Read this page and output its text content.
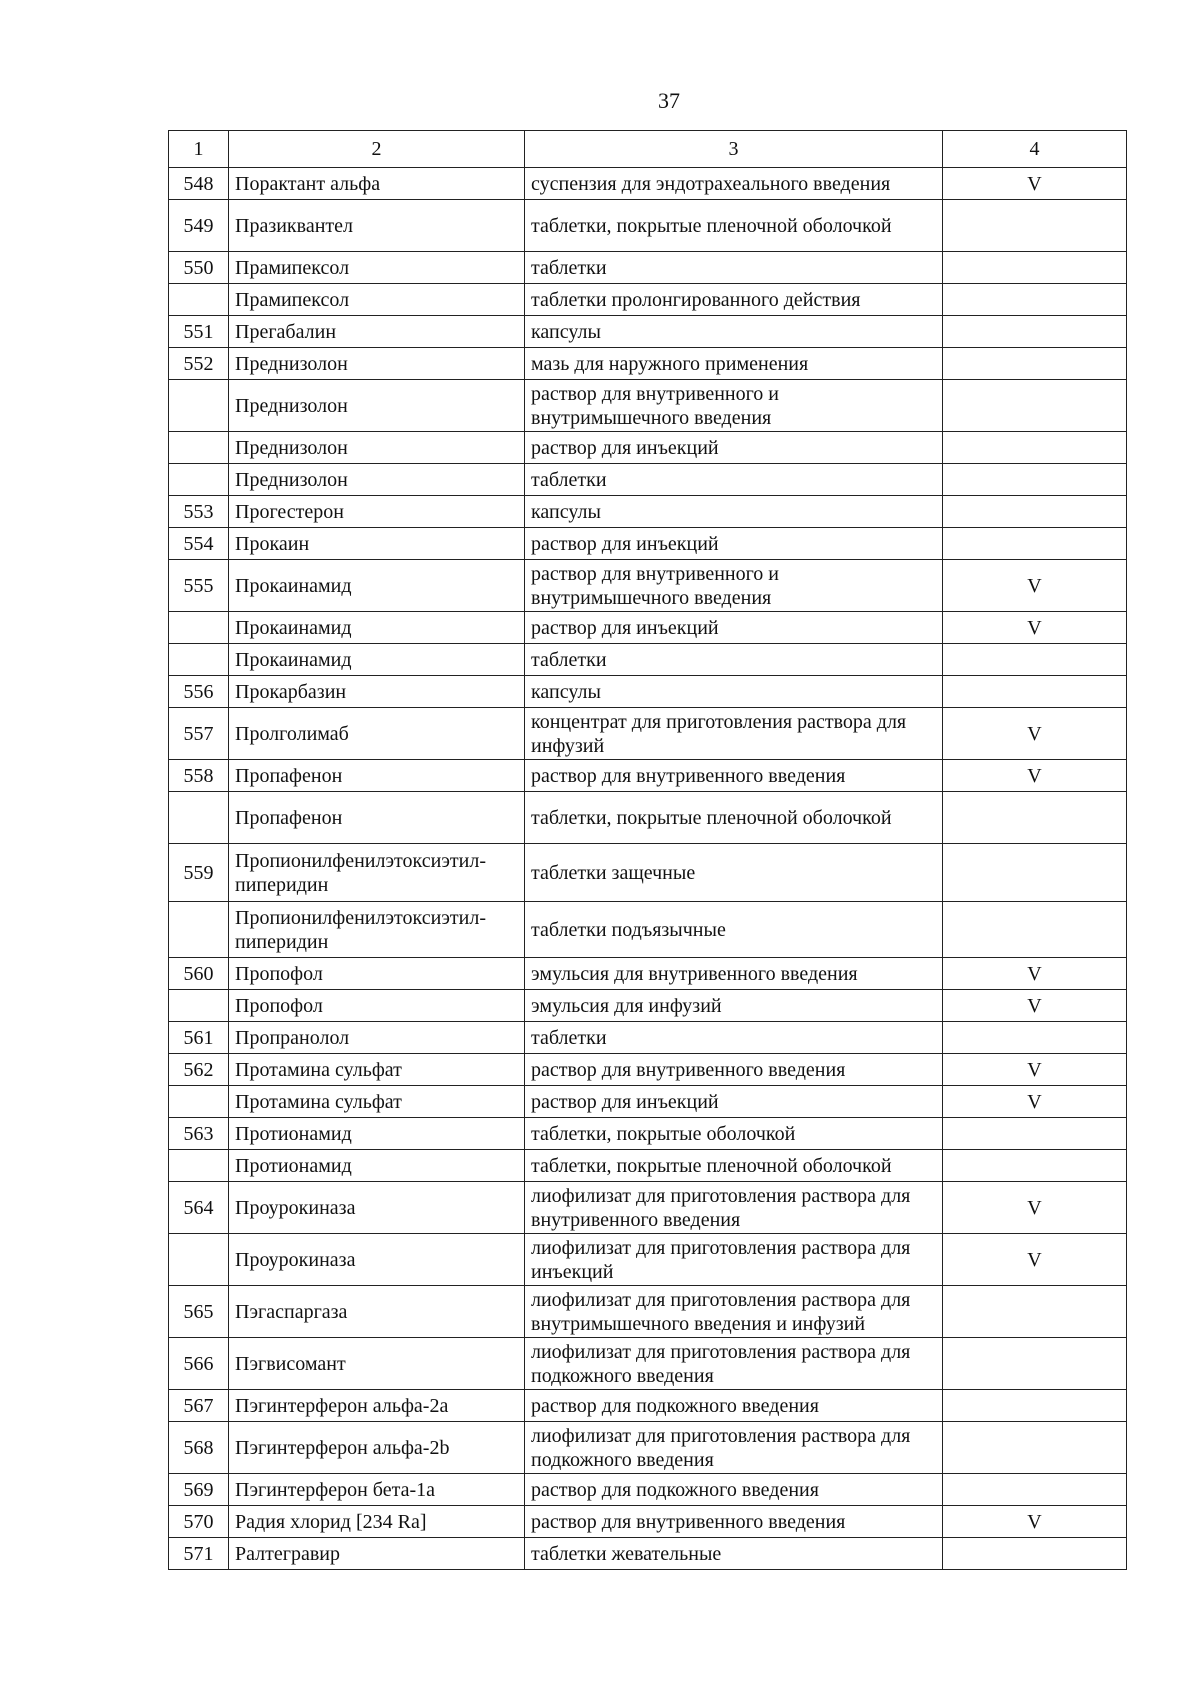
37
1	2	3	4
548	Порактант альфа	суспензия для эндотрахеального введения	V
549	Празиквантел	таблетки, покрытые пленочной оболочкой	
550	Прамипексол	таблетки	
	Прамипексол	таблетки пролонгированного действия	
551	Прегабалин	капсулы	
552	Преднизолон	мазь для наружного применения	
	Преднизолон	раствор для внутривенного и внутримышечного введения	
	Преднизолон	раствор для инъекций	
	Преднизолон	таблетки	
553	Прогестерон	капсулы	
554	Прокаин	раствор для инъекций	
555	Прокаинамид	раствор для внутривенного и внутримышечного введения	V
	Прокаинамид	раствор для инъекций	V
	Прокаинамид	таблетки	
556	Прокарбазин	капсулы	
557	Пролголимаб	концентрат для приготовления раствора для инфузий	V
558	Пропафенон	раствор для внутривенного введения	V
	Пропафенон	таблетки, покрытые пленочной оболочкой	
559	Пропионилфенилэтоксиэтил-пиперидин	таблетки защечные	
	Пропионилфенилэтоксиэтил-пиперидин	таблетки подъязычные	
560	Пропофол	эмульсия для внутривенного введения	V
	Пропофол	эмульсия для инфузий	V
561	Пропранолол	таблетки	
562	Протамина сульфат	раствор для внутривенного введения	V
	Протамина сульфат	раствор для инъекций	V
563	Протионамид	таблетки, покрытые оболочкой	
	Протионамид	таблетки, покрытые пленочной оболочкой	
564	Проурокиназа	лиофилизат для приготовления раствора для внутривенного введения	V
	Проурокиназа	лиофилизат для приготовления раствора для инъекций	V
565	Пэгаспаргаза	лиофилизат для приготовления раствора для внутримышечного введения и инфузий	
566	Пэгвисомант	лиофилизат для приготовления раствора для подкожного введения	
567	Пэгинтерферон альфа-2а	раствор для подкожного введения	
568	Пэгинтерферон альфа-2b	лиофилизат для приготовления раствора для подкожного введения	
569	Пэгинтерферон бета-1а	раствор для подкожного введения	
570	Радия хлорид [234 Ra]	раствор для внутривенного введения	V
571	Ралтегравир	таблетки жевательные	
